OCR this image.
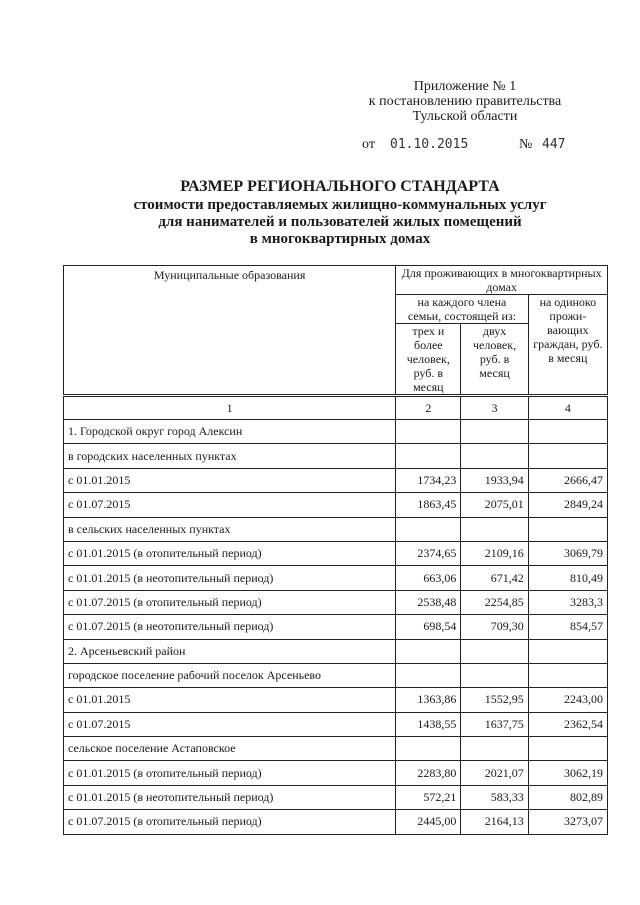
Приложение № 1
к постановлению правительства
Тульской области
от 01.10.2015	№ 447
РАЗМЕР РЕГИОНАЛЬНОГО СТАНДАРТА
стоимости предоставляемых жилищно-коммунальных услуг
для нанимателей и пользователей жилых помещений
в многоквартирных домах
Муниципальные образования	Для проживающих в многоквартирных домах		
	на каждого члена семьи, состоящей из:		на одиноко прожи- вающих граждан, руб. в месяц
	трех и более человек, руб. в месяц	двух человек, руб. в месяц	
1	2	3	4
1. Городской округ город Алексин			
в городских населенных пунктах			
с 01.01.2015	1734,23	1933,94	2666,47
с 01.07.2015	1863,45	2075,01	2849,24
в сельских населенных пунктах			
с 01.01.2015 (в отопительный период)	2374,65	2109,16	3069,79
с 01.01.2015 (в неотопительный период)	663,06	671,42	810,49
с 01.07.2015 (в отопительный период)	2538,48	2254,85	3283,3
с 01.07.2015 (в неотопительный период)	698,54	709,30	854,57
2. Арсеньевский район			
городское поселение рабочий поселок Арсеньево			
с 01.01.2015	1363,86	1552,95	2243,00
с 01.07.2015	1438,55	1637,75	2362,54
сельское поселение Астаповское			
с 01.01.2015 (в отопительный период)	2283,80	2021,07	3062,19
с 01.01.2015 (в неотопительный период)	572,21	583,33	802,89
с 01.07.2015 (в отопительный период)	2445,00	2164,13	3273,07
